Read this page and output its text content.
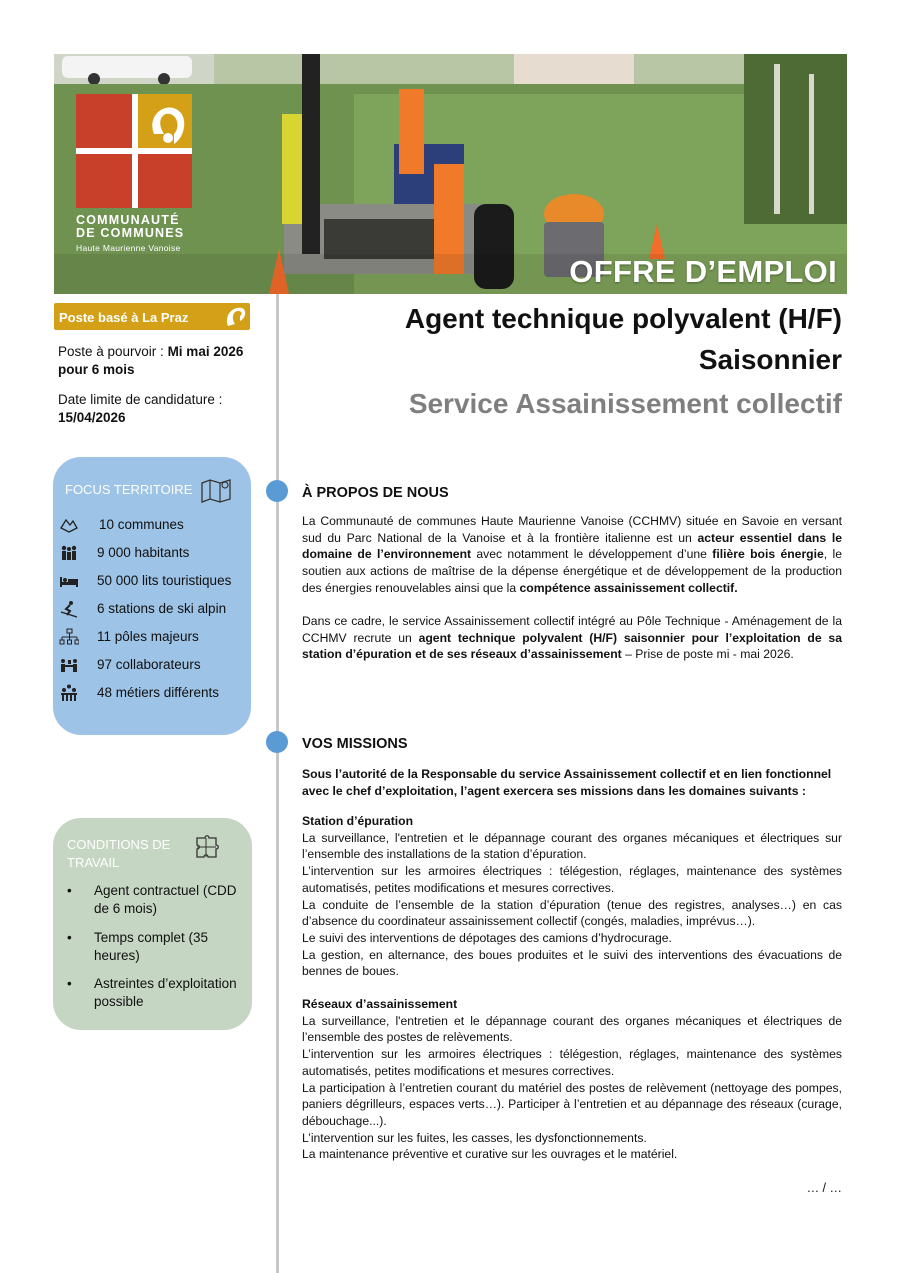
COMMUNAUTÉ
DE COMMUNES
Haute Maurienne Vanoise
OFFRE D’EMPLOI
Poste basé à La Praz
Poste à pourvoir : Mi mai 2026
pour 6 mois
Date limite de candidature :
15/04/2026
FOCUS TERRITOIRE
10 communes
9 000 habitants
50 000 lits touristiques
6 stations de ski alpin
11 pôles majeurs
97 collaborateurs
48 métiers différents
CONDITIONS DE TRAVAIL
• Agent contractuel (CDD de 6 mois)
• Temps complet (35 heures)
• Astreintes d’exploitation possible
Agent technique polyvalent (H/F)
Saisonnier
Service Assainissement collectif
À PROPOS DE NOUS

La Communauté de communes Haute Maurienne Vanoise (CCHMV) située en Savoie en versant sud du Parc National de la Vanoise et à la frontière italienne est un acteur essentiel dans le domaine de l’environnement avec notamment le développement d’une filière bois énergie, le soutien aux actions de maîtrise de la dépense énergétique et de développement de la production des énergies renouvelables ainsi que la compétence assainissement collectif.

Dans ce cadre, le service Assainissement collectif intégré au Pôle Technique - Aménagement de la CCHMV recrute un agent technique polyvalent (H/F) saisonnier pour l’exploitation de sa station d’épuration et de ses réseaux d’assainissement – Prise de poste mi - mai 2026.

VOS MISSIONS

Sous l’autorité de la Responsable du service Assainissement collectif et en lien fonctionnel avec le chef d’exploitation, l’agent exercera ses missions dans les domaines suivants :

Station d’épuration

La surveillance, l'entretien et le dépannage courant des organes mécaniques et électriques sur l’ensemble des installations de la station d’épuration.

L’intervention sur les armoires électriques : télégestion, réglages, maintenance des systèmes automatisés, petites modifications et mesures correctives.

La conduite de l’ensemble de la station d’épuration (tenue des registres, analyses…) en cas d’absence du coordinateur assainissement collectif (congés, maladies, imprévus…).

Le suivi des interventions de dépotages des camions d’hydrocurage.

La gestion, en alternance, des boues produites et le suivi des interventions des évacuations de bennes de boues.

Réseaux d’assainissement

La surveillance, l'entretien et le dépannage courant des organes mécaniques et électriques de l’ensemble des postes de relèvements.

L’intervention sur les armoires électriques : télégestion, réglages, maintenance des systèmes automatisés, petites modifications et mesures correctives.

La participation à l’entretien courant du matériel des postes de relèvement (nettoyage des pompes, paniers dégrilleurs, espaces verts…). Participer à l’entretien et au dépannage des réseaux (curage, débouchage...).

L’intervention sur les fuites, les casses, les dysfonctionnements.

La maintenance préventive et curative sur les ouvrages et le matériel.

… / …
